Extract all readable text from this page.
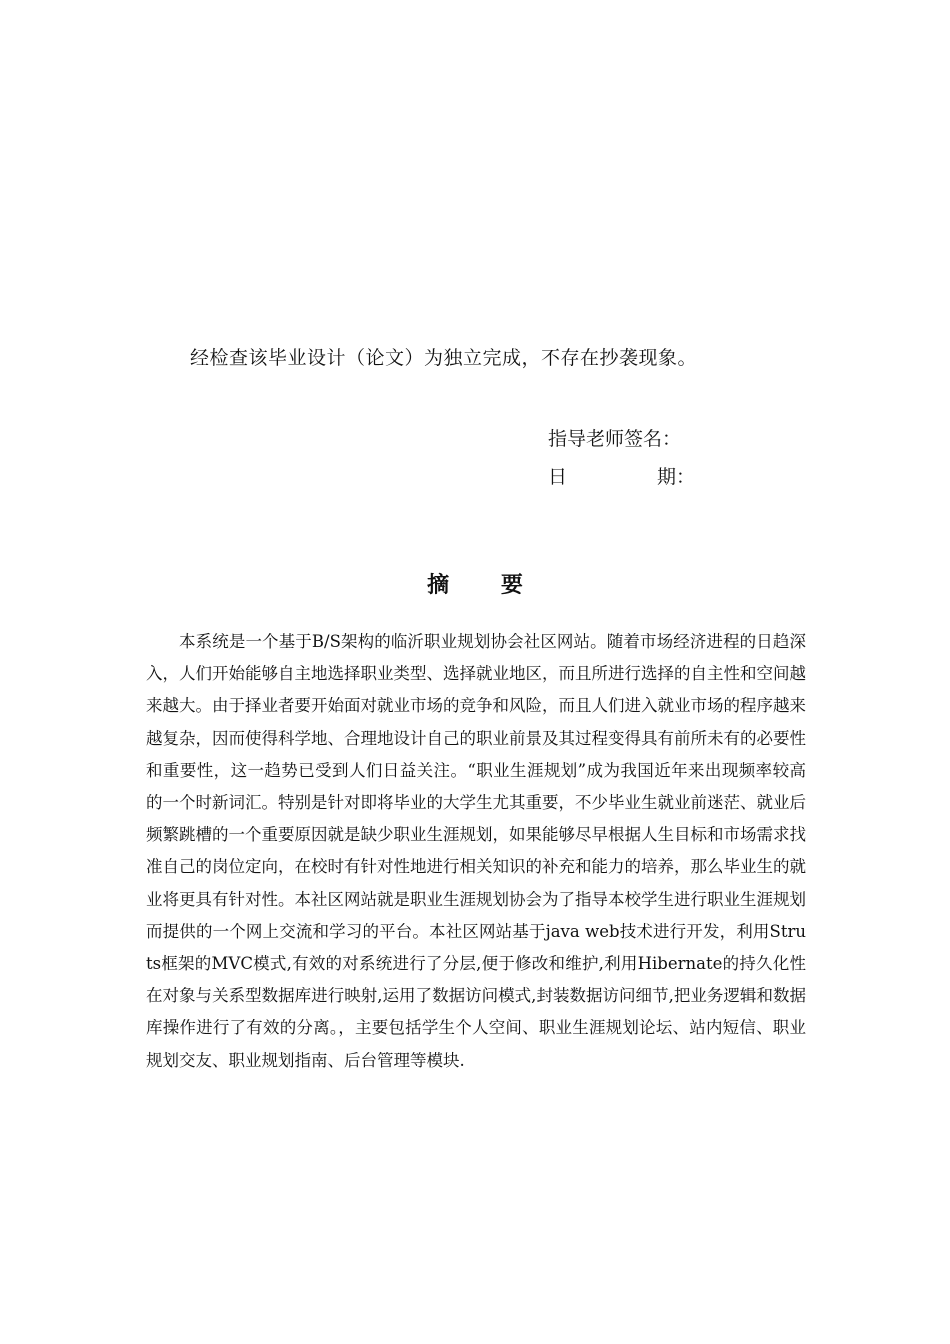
经检查该毕业设计（论文）为独立完成，不存在抄袭现象。
指导老师签名：
日	期：
摘 要

本系统是一个基于B/S架构的临沂职业规划协会社区网站。随着市场经济进程的日趋深入，人们开始能够自主地选择职业类型、选择就业地区，而且所进行选择的自主性和空间越来越大。由于择业者要开始面对就业市场的竞争和风险，而且人们进入就业市场的程序越来越复杂，因而使得科学地、合理地设计自己的职业前景及其过程变得具有前所未有的必要性和重要性，这一趋势已受到人们日益关注。“职业生涯规划”成为我国近年来出现频率较高的一个时新词汇。特别是针对即将毕业的大学生尤其重要，不少毕业生就业前迷茫、就业后频繁跳槽的一个重要原因就是缺少职业生涯规划，如果能够尽早根据人生目标和市场需求找准自己的岗位定向，在校时有针对性地进行相关知识的补充和能力的培养，那么毕业生的就业将更具有针对性。本社区网站就是职业生涯规划协会为了指导本校学生进行职业生涯规划而提供的一个网上交流和学习的平台。本社区网站基于java web技术进行开发，利用Struts框架的MVC模式,有效的对系统进行了分层,便于修改和维护,利用Hibernate的持久化性在对象与关系型数据库进行映射,运用了数据访问模式,封装数据访问细节,把业务逻辑和数据库操作进行了有效的分离。，主要包括学生个人空间、职业生涯规划论坛、站内短信、职业规划交友、职业规划指南、后台管理等模块.
